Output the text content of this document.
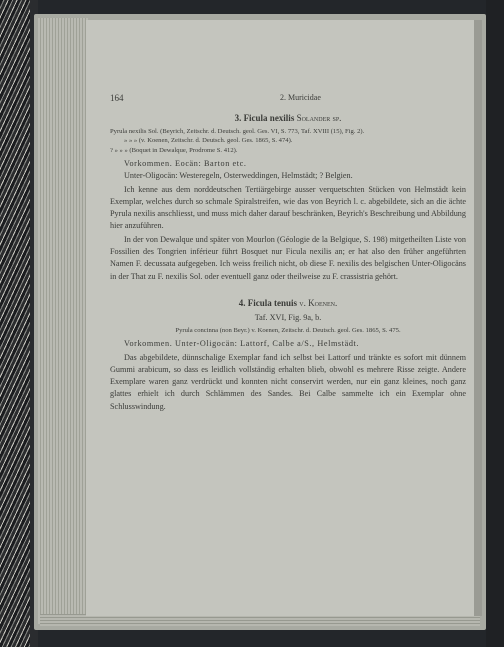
164	2. Muricidae
3. Ficula nexilis Solander sp.

Pyrula nexilis Sol. (Beyrich, Zeitschr. d. Deutsch. geol. Ges. VI, S. 773, Taf. XVIII (15), Fig. 2).

» » » (v. Koenen, Zeitschr. d. Deutsch. geol. Ges. 1865, S. 474).

? » » » (Boquet in Dewalque, Prodrome S. 412).

Vorkommen. Eocän: Barton etc.

Unter-Oligocän: Westeregeln, Osterweddingen, Helmstädt; ? Belgien.

Ich kenne aus dem norddeutschen Tertiärgebirge ausser verquetschten Stücken von Helmstädt kein Exemplar, welches durch so schmale Spiralstreifen, wie das von Beyrich l. c. abgebildete, sich an die ächte Pyrula nexilis anschliesst, und muss mich daher darauf beschränken, Beyrich's Beschreibung und Abbildung hier anzuführen.

In der von Dewalque und später von Mourlon (Géologie de la Belgique, S. 198) mitgetheilten Liste von Fossilien des Tongrien inférieur führt Bosquet nur Ficula nexilis an; er hat also den früher angeführten Namen F. decussata aufgegeben. Ich weiss freilich nicht, ob diese F. nexilis des belgischen Unter-Oligocäns in der That zu F. nexilis Sol. oder eventuell ganz oder theilweise zu F. crassistria gehört.

4. Ficula tenuis v. Koenen.

Taf. XVI, Fig. 9a, b.

Pyrula concinna (non Beyr.) v. Koenen, Zeitschr. d. Deutsch. geol. Ges. 1865, S. 475.

Vorkommen. Unter-Oligocän: Lattorf, Calbe a/S., Helmstädt.

Das abgebildete, dünnschalige Exemplar fand ich selbst bei Lattorf und tränkte es sofort mit dünnem Gummi arabicum, so dass es leidlich vollständig erhalten blieb, obwohl es mehrere Risse zeigte. Andere Exemplare waren ganz verdrückt und konnten nicht conservirt werden, nur ein ganz kleines, noch ganz glattes erhielt ich durch Schlämmen des Sandes. Bei Calbe sammelte ich ein Exemplar ohne Schlusswindung.
